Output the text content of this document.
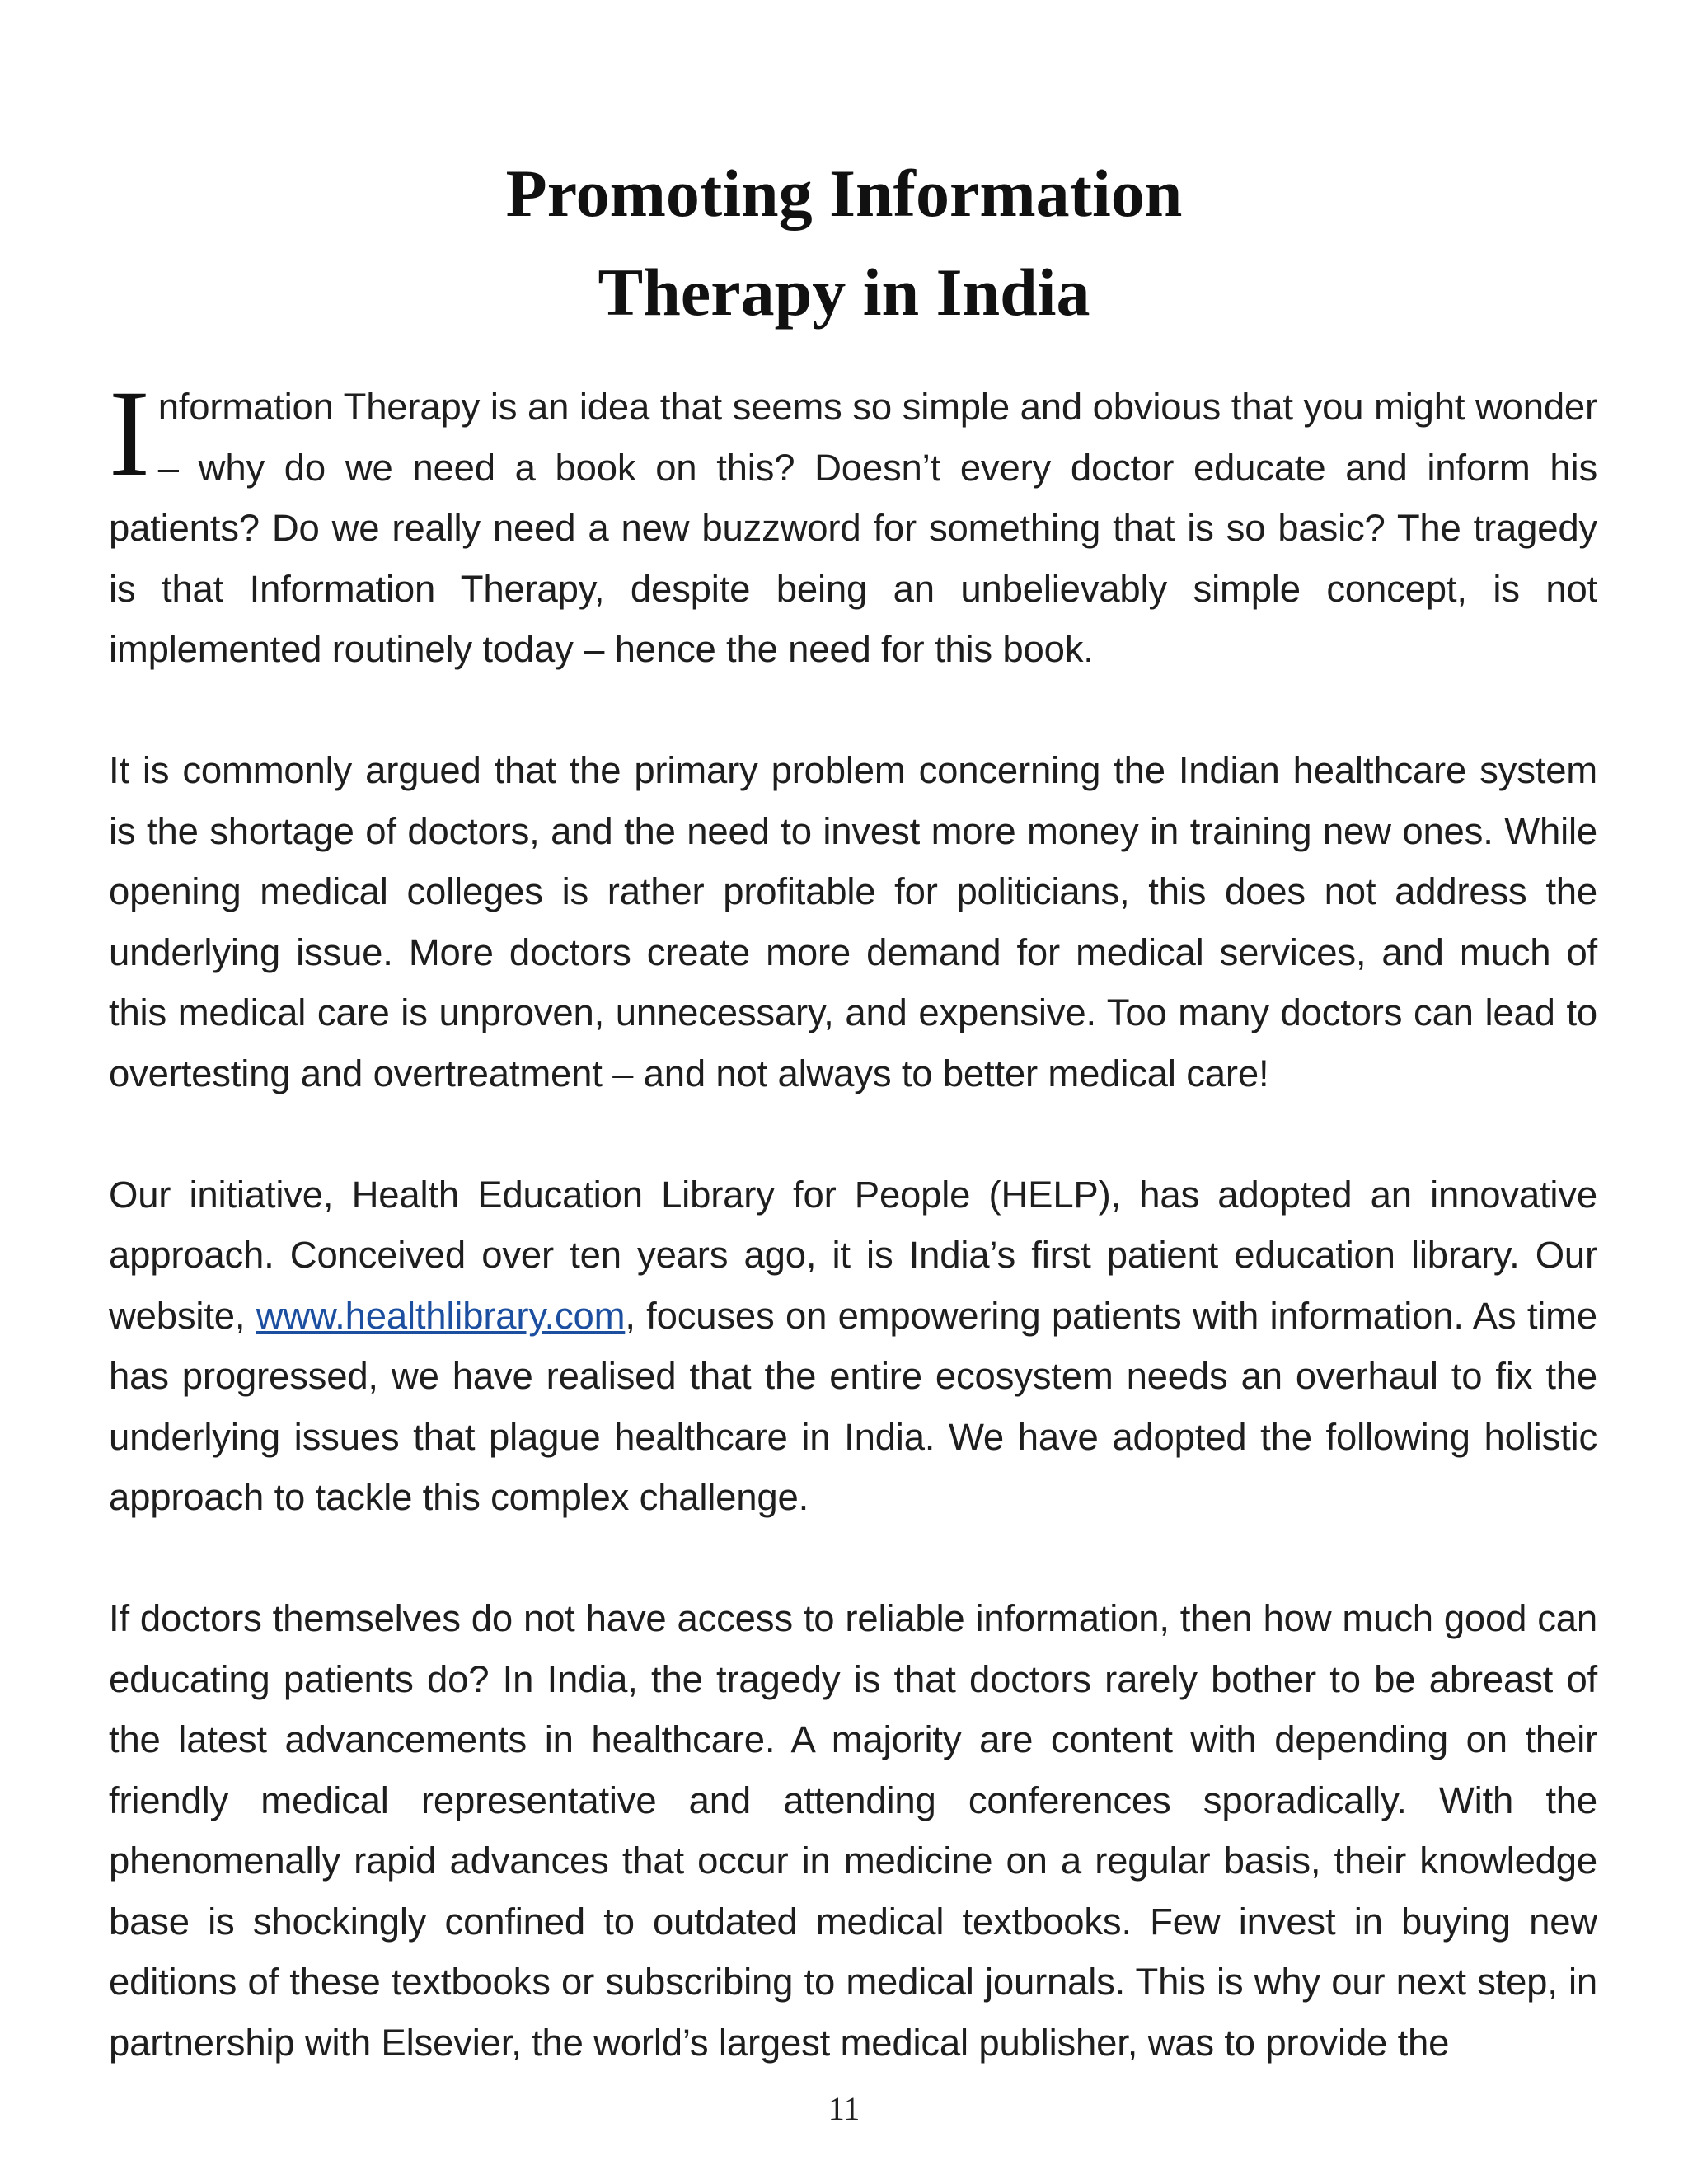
Promoting Information
Therapy in India

Information Therapy is an idea that seems so simple and obvious that you might wonder – why do we need a book on this? Doesn’t every doctor educate and inform his patients? Do we really need a new buzzword for something that is so basic? The tragedy is that Information Therapy, despite being an unbelievably simple concept, is not implemented routinely today – hence the need for this book.

It is commonly argued that the primary problem concerning the Indian healthcare system is the shortage of doctors, and the need to invest more money in training new ones. While opening medical colleges is rather profitable for politicians, this does not address the underlying issue. More doctors create more demand for medical services, and much of this medical care is unproven, unnecessary, and expensive. Too many doctors can lead to overtesting and overtreatment – and not always to better medical care!

Our initiative, Health Education Library for People (HELP), has adopted an innovative approach. Conceived over ten years ago, it is India’s first patient education library. Our website, www.healthlibrary.com, focuses on empowering patients with information. As time has progressed, we have realised that the entire ecosystem needs an overhaul to fix the underlying issues that plague healthcare in India. We have adopted the following holistic approach to tackle this complex challenge.

If doctors themselves do not have access to reliable information, then how much good can educating patients do? In India, the tragedy is that doctors rarely bother to be abreast of the latest advancements in healthcare. A majority are content with depending on their friendly medical representative and attending conferences sporadically. With the phenomenally rapid advances that occur in medicine on a regular basis, their knowledge base is shockingly confined to outdated medical textbooks. Few invest in buying new editions of these textbooks or subscribing to medical journals. This is why our next step, in partnership with Elsevier, the world’s largest medical publisher, was to provide the

11
